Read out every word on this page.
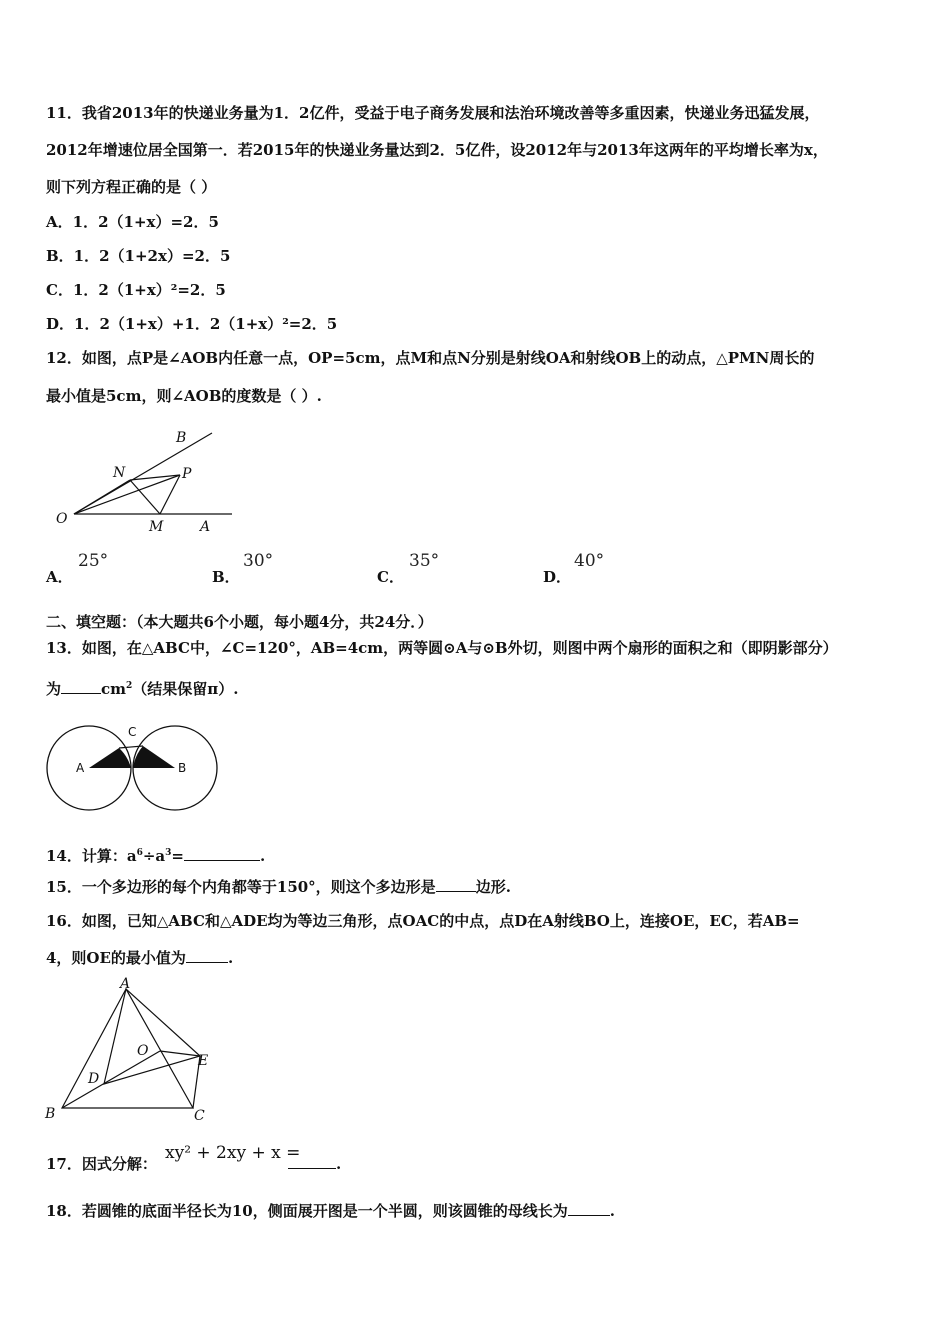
11．我省2013年的快递业务量为1．2亿件，受益于电子商务发展和法治环境改善等多重因素，快递业务迅猛发展，
2012年增速位居全国第一．若2015年的快递业务量达到2．5亿件，设2012年与2013年这两年的平均增长率为x，
则下列方程正确的是（ ）
A．1．2（1+x）=2．5
B．1．2（1+2x）=2．5
C．1．2（1+x）²=2．5
D．1．2（1+x）+1．2（1+x）²=2．5
12．如图，点P是∠AOB内任意一点，OP=5cm，点M和点N分别是射线OA和射线OB上的动点，△PMN周长的
最小值是5cm，则∠AOB的度数是（ ）.
O	A
B
M
N	P
A．
25°
B．
30°
C．
35°
D．
40°
二、填空题：（本大题共6个小题，每小题4分，共24分．）
13．如图，在△ABC中，∠C=120°，AB=4cm，两等圆⊙A与⊙B外切，则图中两个扇形的面积之和（即阴影部分）
为	$cm^2$（结果保留π）.
A	B
C
14．计算：$a^6\div a^3=$	.
15．一个多边形的每个内角都等于150°，则这个多边形是	边形.
16．如图，已知△ABC和△ADE均为等边三角形，点OAC的中点，点D在A射线BO上，连接OE，EC，若AB=
4，则OE的最小值为	.
A
B	C
D
E
O
17．因式分解：
xy² + 2xy + x =
.
18．若圆锥的底面半径长为10，侧面展开图是一个半圆，则该圆锥的母线长为	.
